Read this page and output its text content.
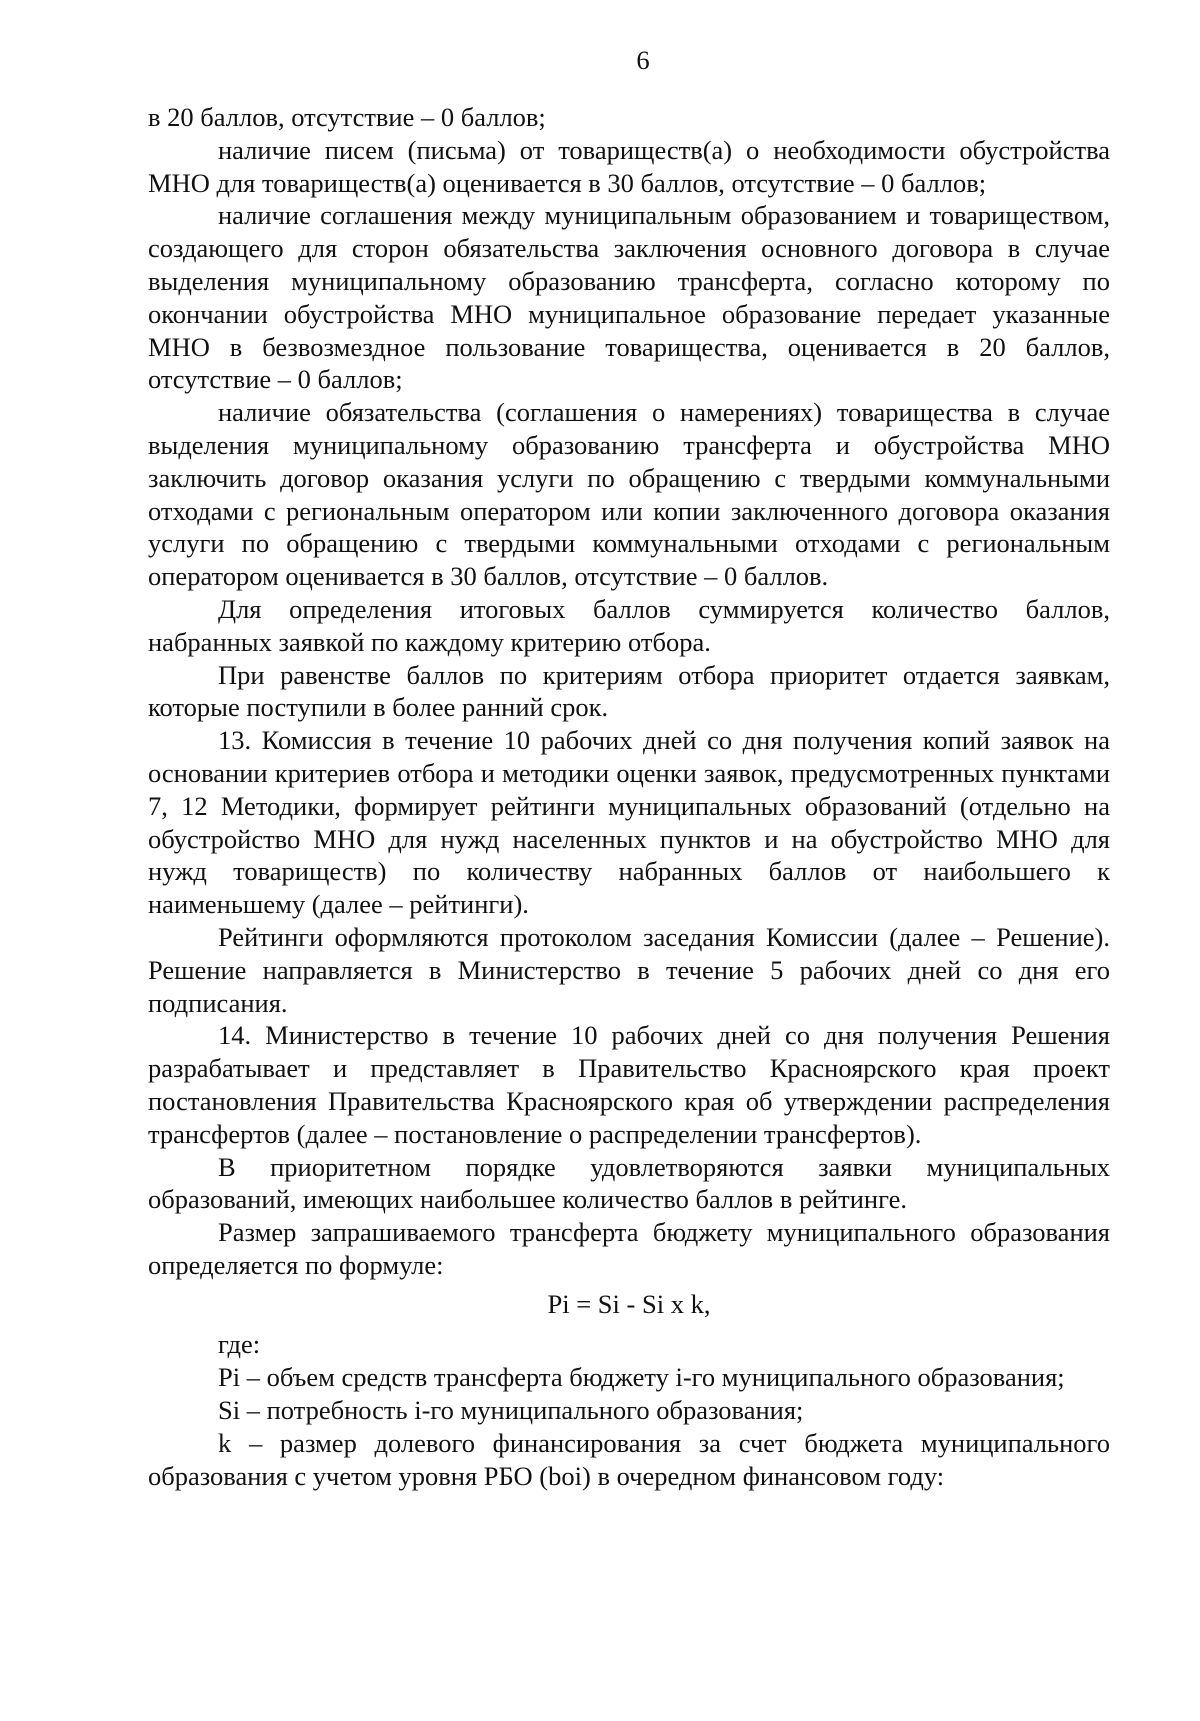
6

в 20 баллов, отсутствие – 0 баллов;

наличие писем (письма) от товариществ(а) о необходимости обустройства МНО для товариществ(а) оценивается в 30 баллов, отсутствие – 0 баллов;

наличие соглашения между муниципальным образованием и товариществом, создающего для сторон обязательства заключения основного договора в случае выделения муниципальному образованию трансферта, согласно которому по окончании обустройства МНО муниципальное образование передает указанные МНО в безвозмездное пользование товарищества, оценивается в 20 баллов, отсутствие – 0 баллов;

наличие обязательства (соглашения о намерениях) товарищества в случае выделения муниципальному образованию трансферта и обустройства МНО заключить договор оказания услуги по обращению с твердыми коммунальными отходами с региональным оператором или копии заключенного договора оказания услуги по обращению с твердыми коммунальными отходами с региональным оператором оценивается в 30 баллов, отсутствие – 0 баллов.

Для определения итоговых баллов суммируется количество баллов, набранных заявкой по каждому критерию отбора.

При равенстве баллов по критериям отбора приоритет отдается заявкам, которые поступили в более ранний срок.

13. Комиссия в течение 10 рабочих дней со дня получения копий заявок на основании критериев отбора и методики оценки заявок, предусмотренных пунктами 7, 12 Методики, формирует рейтинги муниципальных образований (отдельно на обустройство МНО для нужд населенных пунктов и на обустройство МНО для нужд товариществ) по количеству набранных баллов от наибольшего к наименьшему (далее – рейтинги).

Рейтинги оформляются протоколом заседания Комиссии (далее – Решение). Решение направляется в Министерство в течение 5 рабочих дней со дня его подписания.

14. Министерство в течение 10 рабочих дней со дня получения Решения разрабатывает и представляет в Правительство Красноярского края проект постановления Правительства Красноярского края об утверждении распределения трансфертов (далее – постановление о распределении трансфертов).

В приоритетном порядке удовлетворяются заявки муниципальных образований, имеющих наибольшее количество баллов в рейтинге.

Размер запрашиваемого трансферта бюджету муниципального образования определяется по формуле:

Pi = Si - Si x k,

где:

Pi – объем средств трансферта бюджету i-го муниципального образования;

Si – потребность i-го муниципального образования;

k – размер долевого финансирования за счет бюджета муниципального образования с учетом уровня РБО (boi) в очередном финансовом году:
